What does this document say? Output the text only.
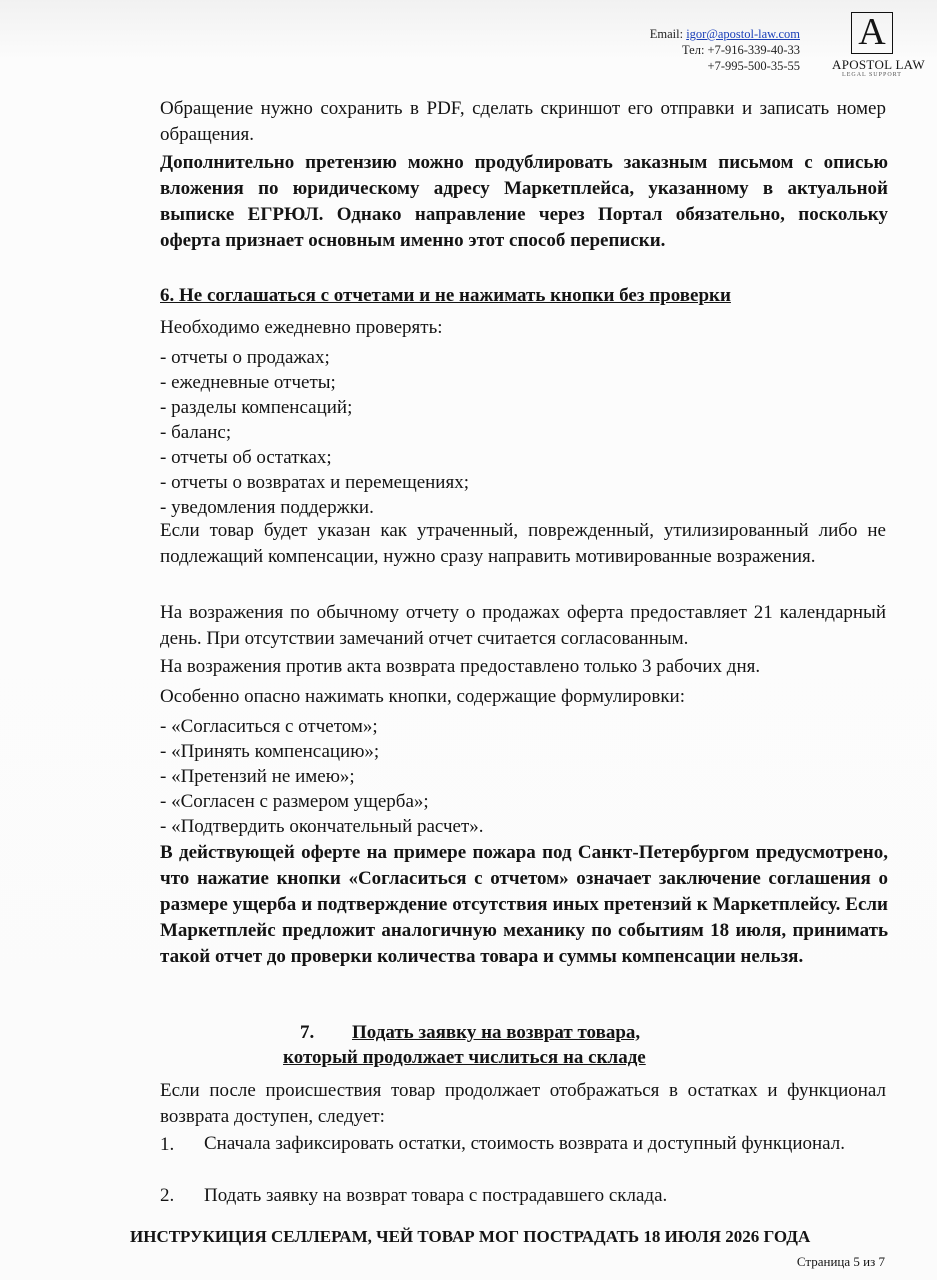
Email: igor@apostol-law.com
Тел: +7-916-339-40-33
+7-995-500-35-55
A
APOSTOL LAW
LEGAL SUPPORT
Обращение нужно сохранить в PDF, сделать скриншот его отправки и записать номер обращения.
Дополнительно претензию можно продублировать заказным письмом с описью вложения по юридическому адресу Маркетплейса, указанному в актуальной выписке ЕГРЮЛ. Однако направление через Портал обязательно, поскольку оферта признает основным именно этот способ переписки.
6. Не соглашаться с отчетами и не нажимать кнопки без проверки
Необходимо ежедневно проверять:
- отчеты о продажах;
- ежедневные отчеты;
- разделы компенсаций;
- баланс;
- отчеты об остатках;
- отчеты о возвратах и перемещениях;
- уведомления поддержки.
Если товар будет указан как утраченный, поврежденный, утилизированный либо не подлежащий компенсации, нужно сразу направить мотивированные возражения.
На возражения по обычному отчету о продажах оферта предоставляет 21 календарный день. При отсутствии замечаний отчет считается согласованным.
На возражения против акта возврата предоставлено только 3 рабочих дня.
Особенно опасно нажимать кнопки, содержащие формулировки:
- «Согласиться с отчетом»;
- «Принять компенсацию»;
- «Претензий не имею»;
- «Согласен с размером ущерба»;
- «Подтвердить окончательный расчет».
В действующей оферте на примере пожара под Санкт-Петербургом предусмотрено, что нажатие кнопки «Согласиться с отчетом» означает заключение соглашения о размере ущерба и подтверждение отсутствия иных претензий к Маркетплейсу. Если Маркетплейс предложит аналогичную механику по событиям 18 июля, принимать такой отчет до проверки количества товара и суммы компенсации нельзя.
7. Подать заявку на возврат товара,
который продолжает числиться на складе
Если после происшествия товар продолжает отображаться в остатках и функционал возврата доступен, следует:
1. Сначала зафиксировать остатки, стоимость возврата и доступный функционал.
2. Подать заявку на возврат товара с пострадавшего склада.
ИНСТРУКИЦИЯ СЕЛЛЕРАМ, ЧЕЙ ТОВАР МОГ ПОСТРАДАТЬ 18 ИЮЛЯ 2026 ГОДА
Страница 5 из 7
